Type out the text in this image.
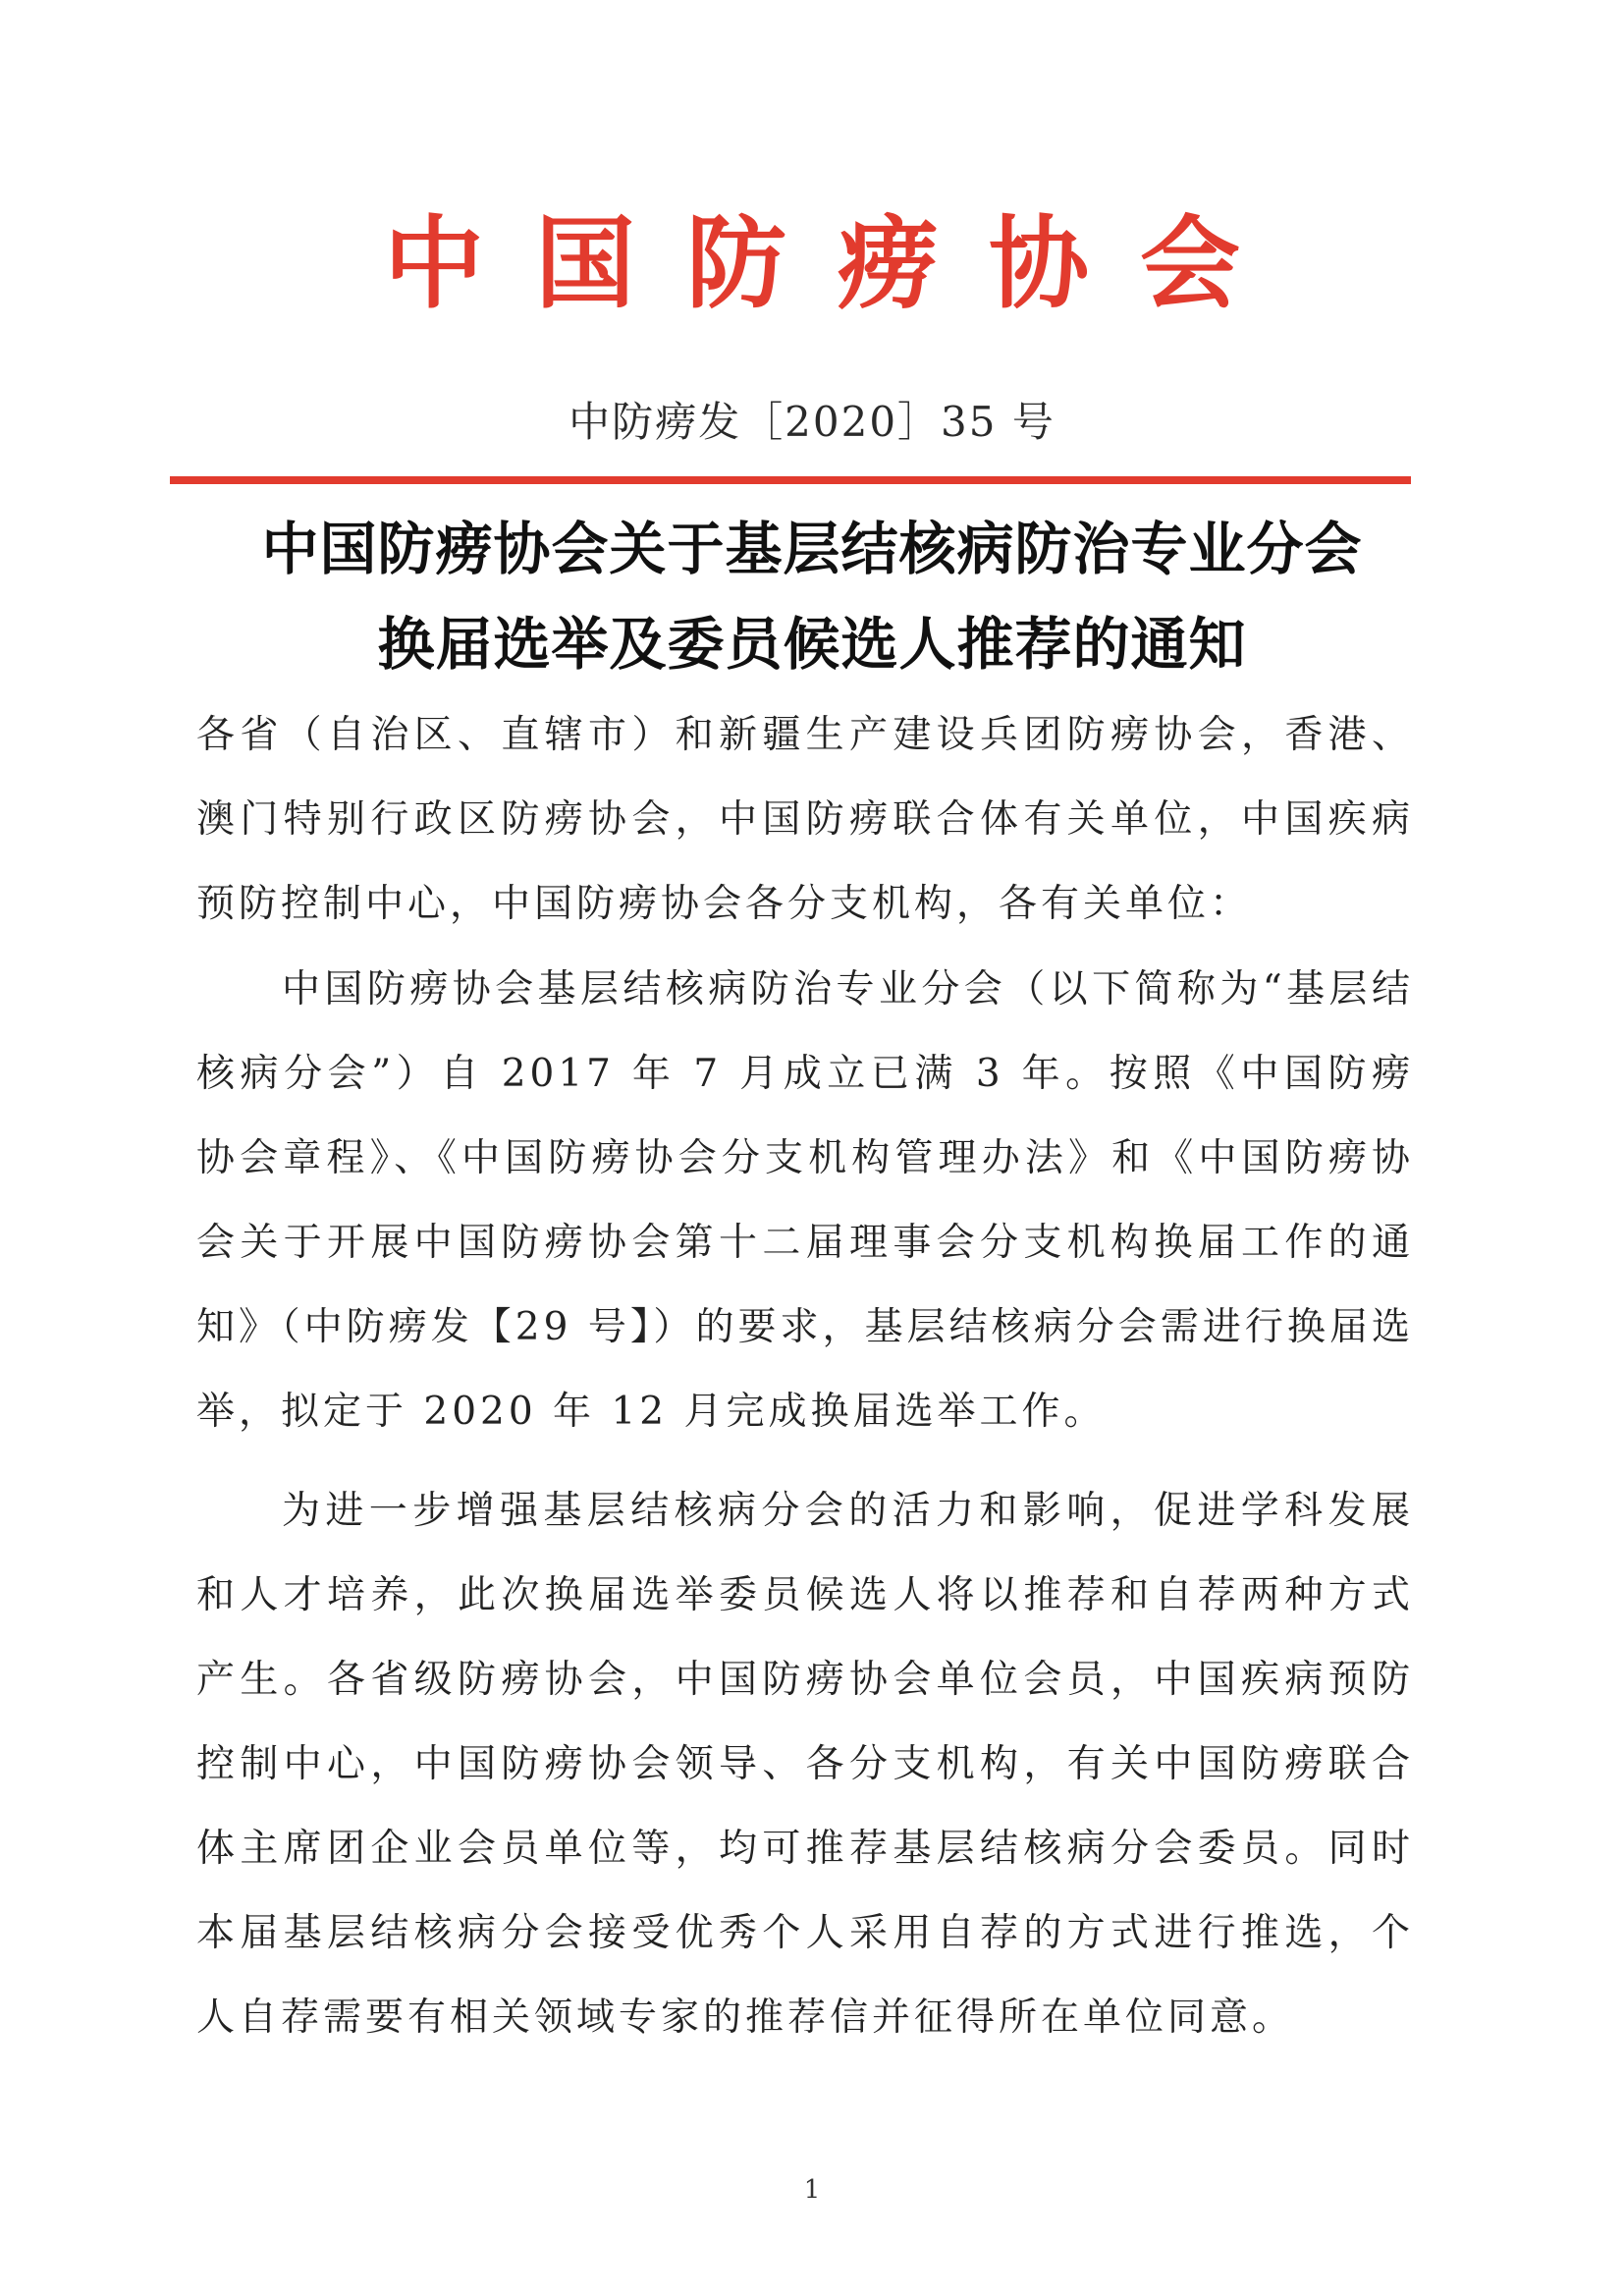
中国防痨协会
中防痨发［2020］35 号
中国防痨协会关于基层结核病防治专业分会
换届选举及委员候选人推荐的通知

各省（自治区、直辖市）和新疆生产建设兵团防痨协会，香港、澳门特别行政区防痨协会，中国防痨联合体有关单位，中国疾病预防控制中心，中国防痨协会各分支机构，各有关单位：

中国防痨协会基层结核病防治专业分会（以下简称为“基层结核病分会”）自 2017 年 7 月成立已满 3 年。按照《中国防痨协会章程》、《中国防痨协会分支机构管理办法》和《中国防痨协会关于开展中国防痨协会第十二届理事会分支机构换届工作的通知》（中防痨发【29 号】）的要求，基层结核病分会需进行换届选举，拟定于 2020 年 12 月完成换届选举工作。

为进一步增强基层结核病分会的活力和影响，促进学科发展和人才培养，此次换届选举委员候选人将以推荐和自荐两种方式产生。各省级防痨协会，中国防痨协会单位会员，中国疾病预防控制中心，中国防痨协会领导、各分支机构，有关中国防痨联合体主席团企业会员单位等，均可推荐基层结核病分会委员。同时本届基层结核病分会接受优秀个人采用自荐的方式进行推选，个人自荐需要有相关领域专家的推荐信并征得所在单位同意。

1
